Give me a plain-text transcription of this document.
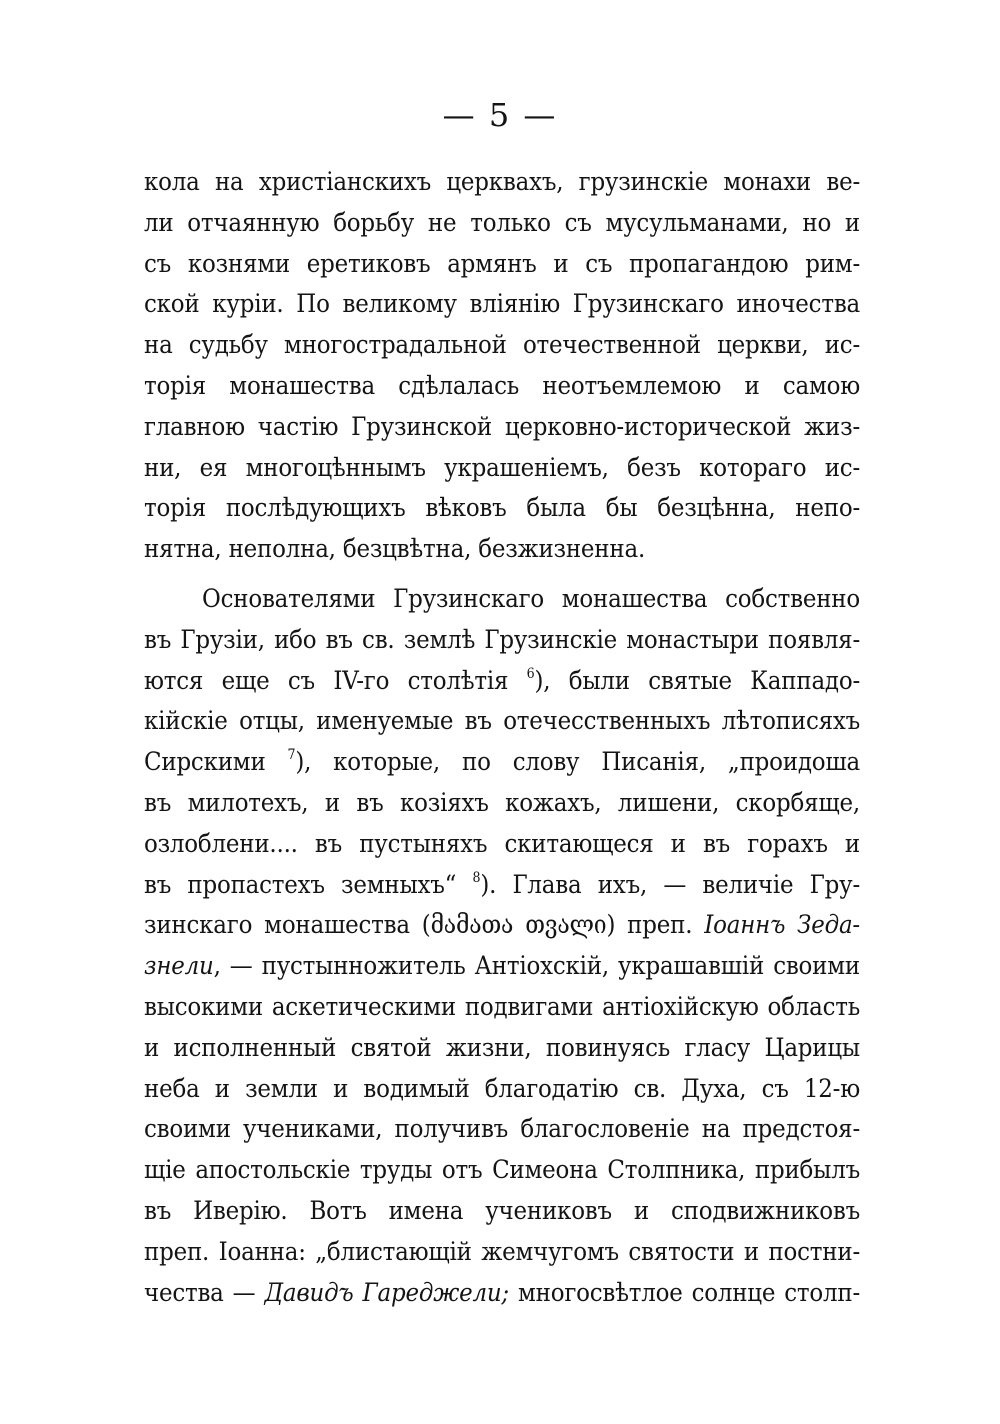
— 5 —
кола на христіанскихъ церквахъ, грузинскіе монахи ве-
ли отчаянную борьбу не только съ мусульманами, но и
съ кознями еретиковъ армянъ и съ пропагандою рим-
ской куріи. По великому вліянію Грузинскаго иночества
на судьбу многострадальной отечественной церкви, ис-
торія монашества сдѣлалась неотъемлемою и самою
главною частію Грузинской церковно-исторической жиз-
ни, ея многоцѣннымъ украшеніемъ, безъ котораго ис-
торія послѣдующихъ вѣковъ была бы безцѣнна, непо-
нятна, неполна, безцвѣтна, безжизненна.
Основателями Грузинскаго монашества собственно
въ Грузіи, ибо въ св. землѣ Грузинскіе монастыри появля-
ются еще съ IV-го столѣтія $^6$), были святые Каппадо-
кійскіе отцы, именуемые въ отечесственныхъ лѣтописяхъ
Сирскими $^7$), которые, по слову Писанія, „проидоша
въ милотехъ, и въ козіяхъ кожахъ, лишени, скорбяще,
озлоблени.... въ пустыняхъ скитающеся и въ горахъ и
въ пропастехъ земныхъ“ $^8$). Глава ихъ, — величіе Гру-
зинскаго монашества (მამათა თვალი) преп. Іоаннъ Зеда-
знели, — пустынножитель Антіохскій, украшавшій своими
высокими аскетическими подвигами антіохійскую область
и исполненный святой жизни, повинуясь гласу Царицы
неба и земли и водимый благодатію св. Духа, съ 12-ю
своими учениками, получивъ благословеніе на предстоя-
щіе апостольскіе труды отъ Симеона Столпника, прибылъ
въ Иверію. Вотъ имена учениковъ и сподвижниковъ
преп. Іоанна: „блистающій жемчугомъ святости и постни-
чества — Давидъ Гареджели; многосвѣтлое солнце столп-
